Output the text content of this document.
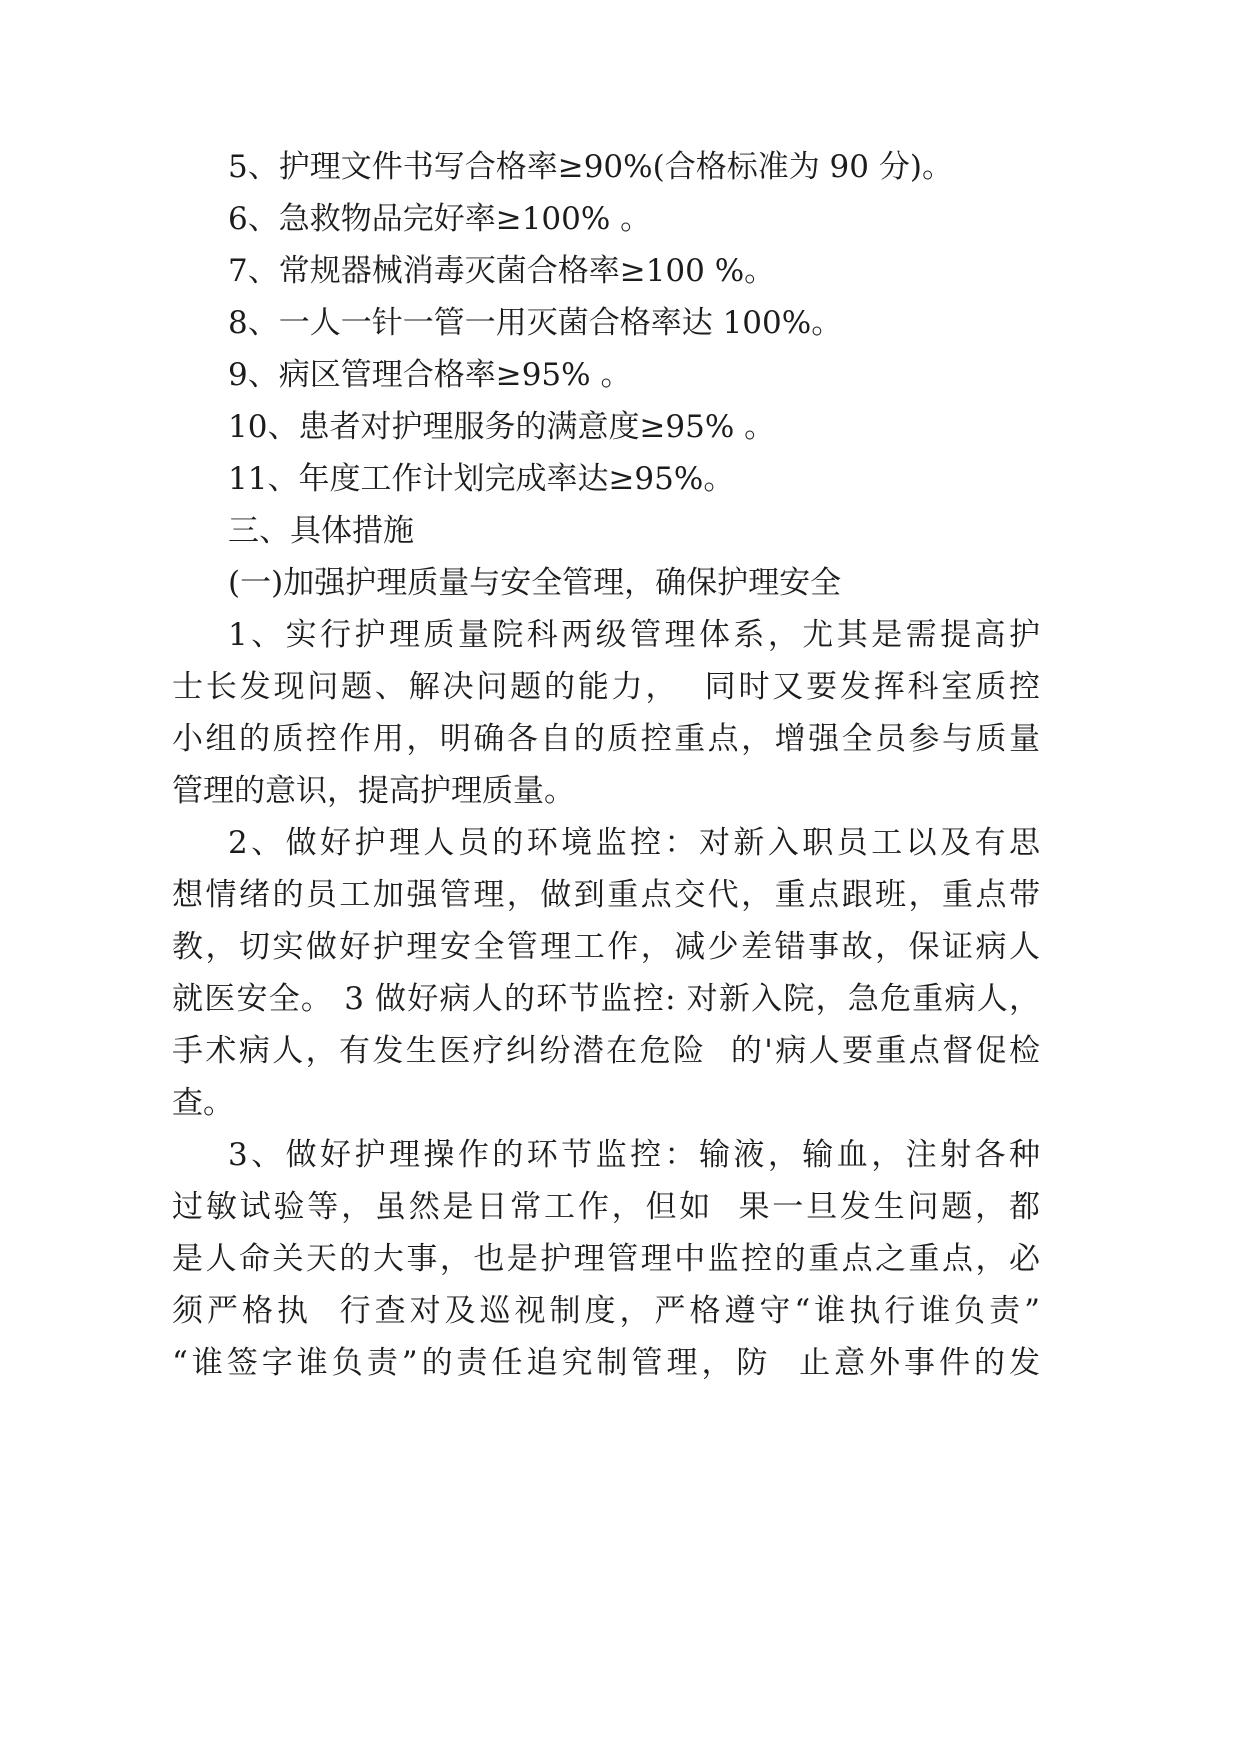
5、护理文件书写合格率≥90%(合格标准为 90 分)。

6、急救物品完好率≥100% 。

7、常规器械消毒灭菌合格率≥100 %。

8、一人一针一管一用灭菌合格率达 100%。

9、病区管理合格率≥95% 。

10、患者对护理服务的满意度≥95% 。

11、年度工作计划完成率达≥95%。

三、具体措施

(一)加强护理质量与安全管理，确保护理安全

1、实行护理质量院科两级管理体系，尤其是需提高护

士长发现问题、解决问题的能力，  同时又要发挥科室质控

小组的质控作用，明确各自的质控重点，增强全员参与质量

管理的意识，提高护理质量。

2、做好护理人员的环境监控：对新入职员工以及有思

想情绪的员工加强管理，做到重点交代，重点跟班，重点带

教，切实做好护理安全管理工作，减少差错事故，保证病人

就医安全。 3 做好病人的环节监控: 对新入院，急危重病人，

手术病人，有发生医疗纠纷潜在危险  的'病人要重点督促检

查。

3、做好护理操作的环节监控：输液，输血，注射各种

过敏试验等，虽然是日常工作，但如  果一旦发生问题，都

是人命关天的大事，也是护理管理中监控的重点之重点，必

须严格执  行查对及巡视制度，严格遵守“谁执行谁负责”

“谁签字谁负责”的责任追究制管理，防  止意外事件的发
